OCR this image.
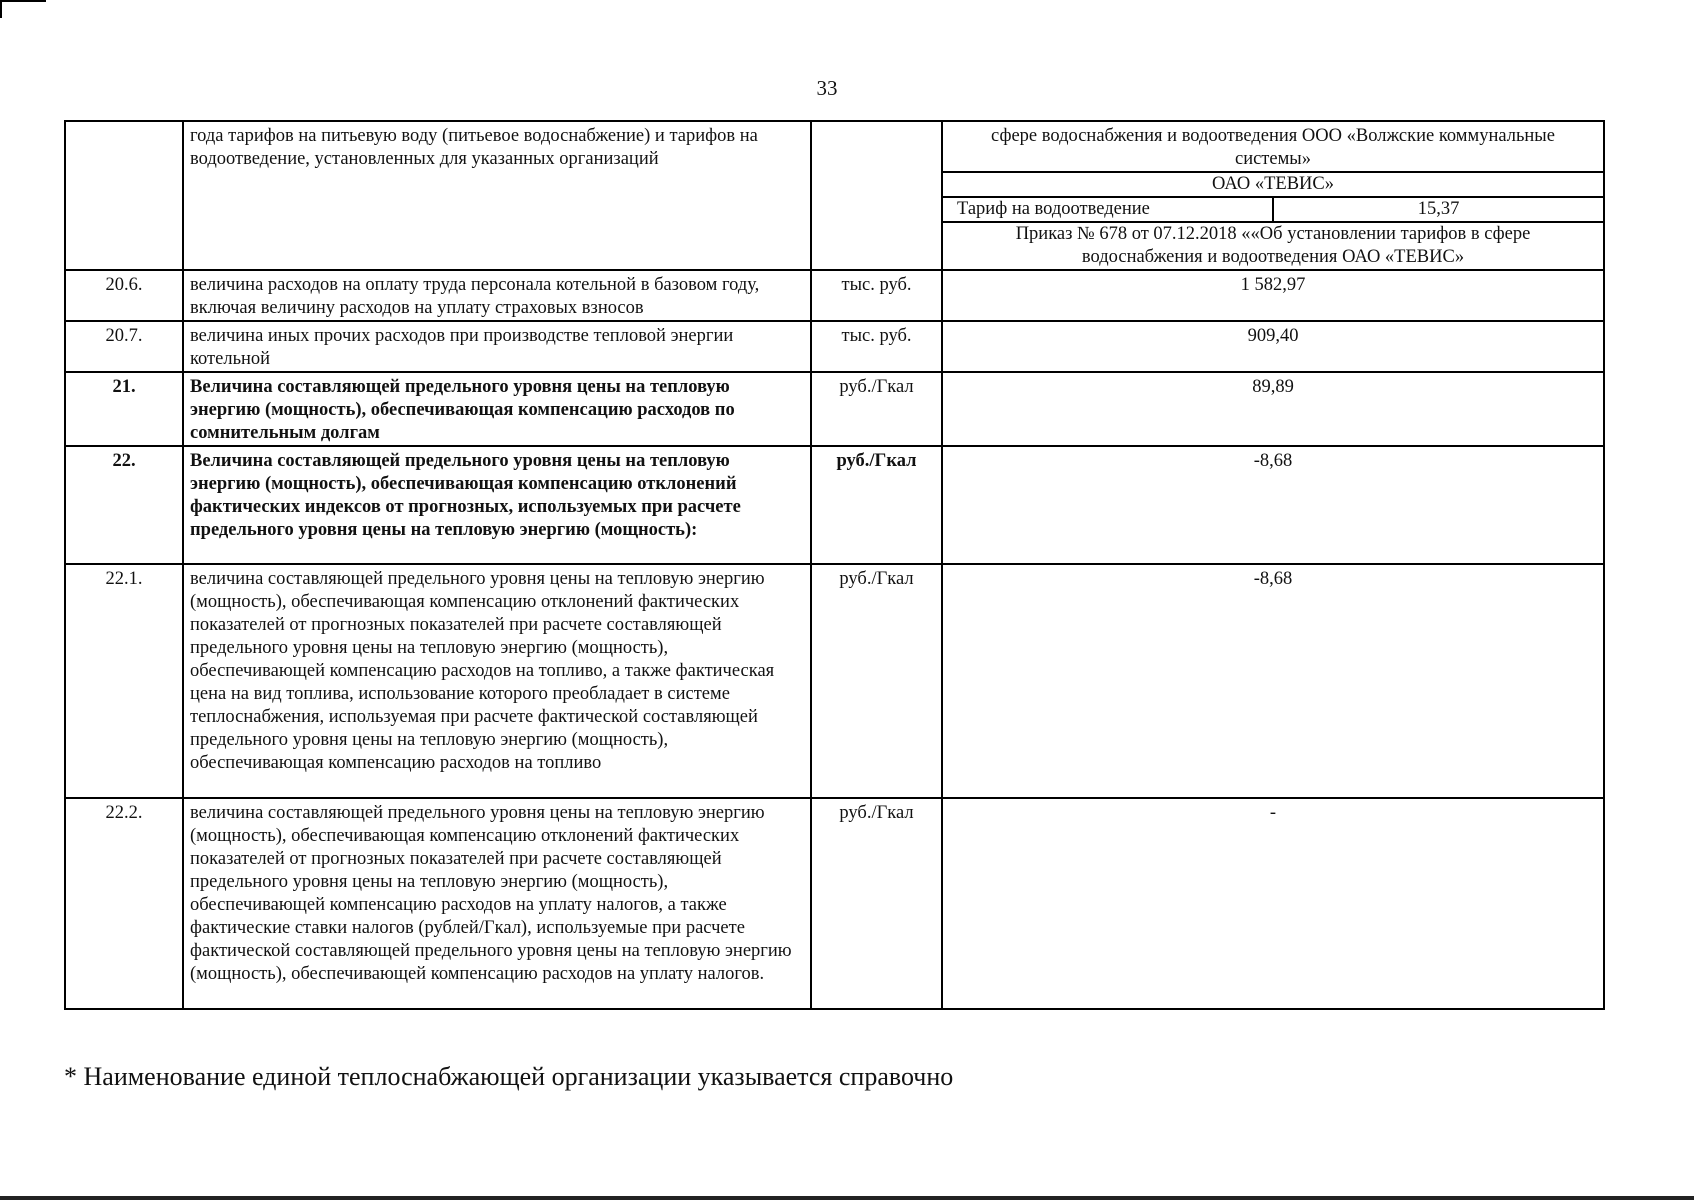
33
	года тарифов на питьевую воду (питьевое водоснабжение) и тарифов на водоотведение, установленных для указанных организаций		
сфере водоснабжения и водоотведения ООО «Волжские коммунальные системы»
ОАО «ТЕВИС»
Тариф на водоотведение	15,37
Приказ № 678 от 07.12.2018 ««Об установлении тарифов в сфере водоснабжения и водоотведения ОАО «ТЕВИС»

20.6.	величина расходов на оплату труда персонала котельной в базовом году, включая величину расходов на уплату страховых взносов	тыс. руб.	1 582,97
20.7.	величина иных прочих расходов при производстве тепловой энергии котельной	тыс. руб.	909,40
21.	Величина составляющей предельного уровня цены на тепловую энергию (мощность), обеспечивающая компенсацию расходов по сомнительным долгам	руб./Гкал	89,89
22.	Величина составляющей предельного уровня цены на тепловую энергию (мощность), обеспечивающая компенсацию отклонений фактических индексов от прогнозных, используемых при расчете предельного уровня цены на тепловую энергию (мощность):	руб./Гкал	-8,68
22.1.	величина составляющей предельного уровня цены на тепловую энергию (мощность), обеспечивающая компенсацию отклонений фактических показателей от прогнозных показателей при расчете составляющей предельного уровня цены на тепловую энергию (мощность), обеспечивающей компенсацию расходов на топливо, а также фактическая цена на вид топлива, использование которого преобладает в системе теплоснабжения, используемая при расчете фактической составляющей предельного уровня цены на тепловую энергию (мощность), обеспечивающая компенсацию расходов на топливо	руб./Гкал	-8,68
22.2.	величина составляющей предельного уровня цены на тепловую энергию (мощность), обеспечивающая компенсацию отклонений фактических показателей от прогнозных показателей при расчете составляющей предельного уровня цены на тепловую энергию (мощность), обеспечивающей компенсацию расходов на уплату налогов, а также фактические ставки налогов (рублей/Гкал), используемые при расчете фактической составляющей предельного уровня цены на тепловую энергию (мощность), обеспечивающей компенсацию расходов на уплату налогов.	руб./Гкал	-
* Наименование единой теплоснабжающей организации указывается справочно
